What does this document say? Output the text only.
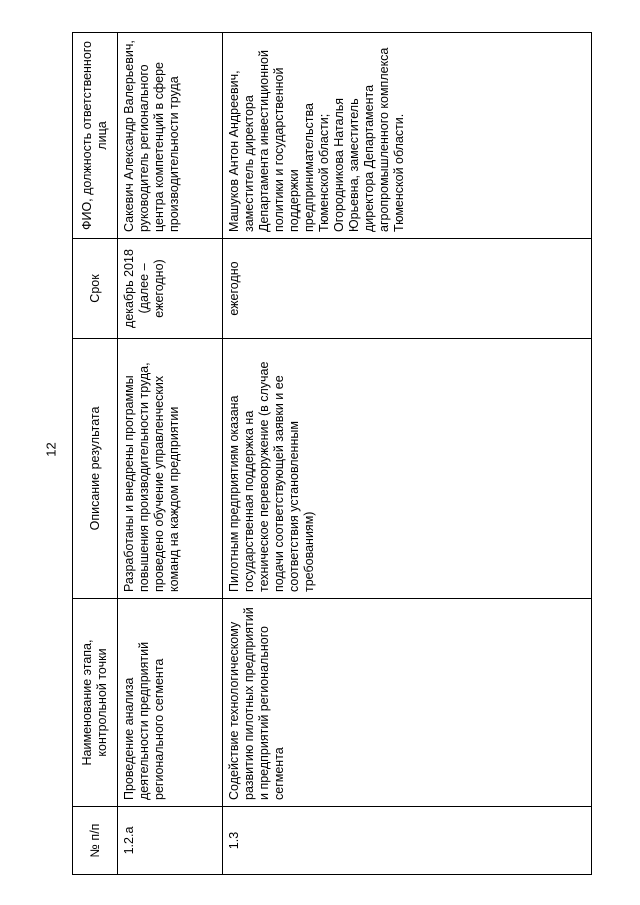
12
№ п/п	Наименование этапа, контрольной точки	Описание результата	Срок	ФИО, должность ответственного лица
1.2.а	Проведение анализа деятельности предприятий регионального сегмента	Разработаны и внедрены программы повышения производительности труда, проведено обучение управленческих команд на каждом предприятии	декабрь 2018 (далее – ежегодно)	Сакевич Александр Валерьевич, руководитель регионального центра компетенций в сфере производительности труда
1.3	Содействие технологическому развитию пилотных предприятий и предприятий регионального сегмента	Пилотным предприятиям оказана государственная поддержка на техническое перевооружение (в случае подачи соответствующей заявки и ее соответствия установленным требованиям)	ежегодно	Машуков Антон Андреевич, заместитель директора Департамента инвестиционной политики и государственной поддержки предпринимательства Тюменской области; Огородникова Наталья Юрьевна, заместитель директора Департамента агропромышленного комплекса Тюменской области.
